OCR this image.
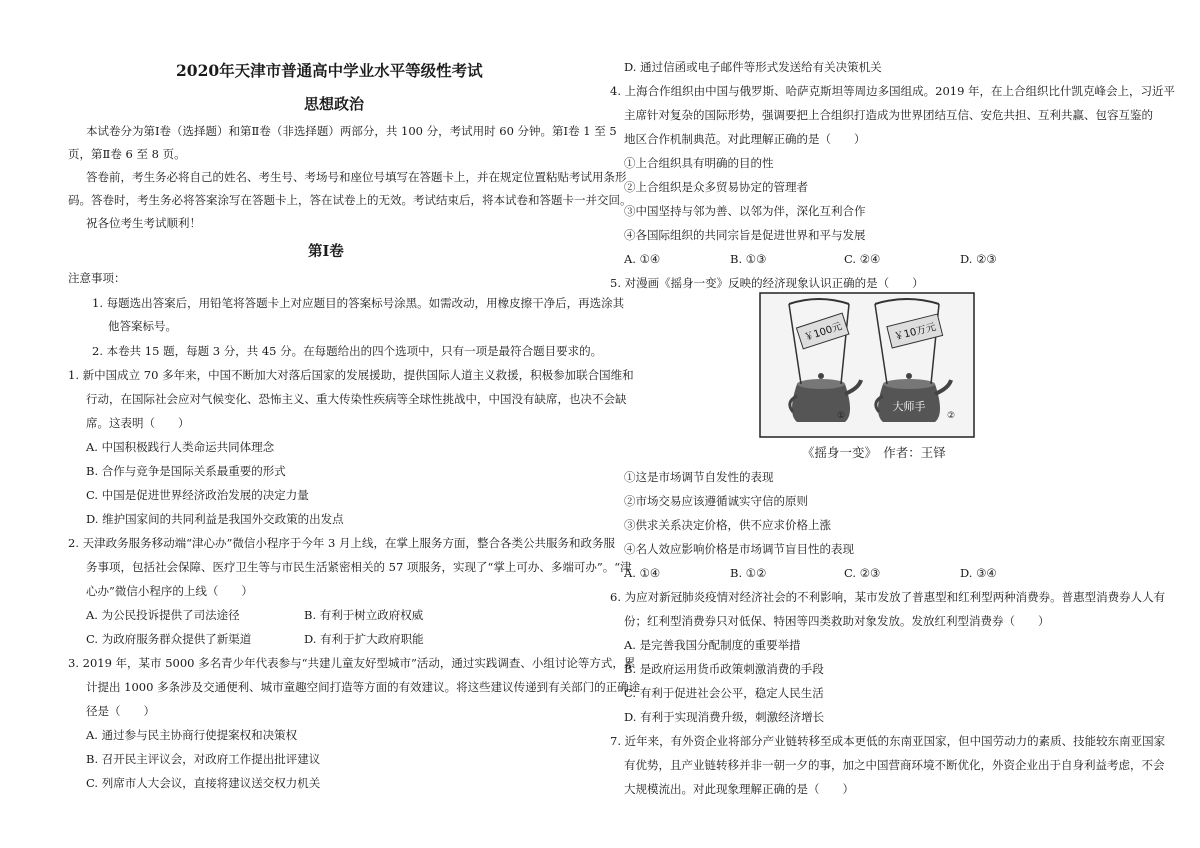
2020年天津市普通高中学业水平等级性考试
思想政治
本试卷分为第Ⅰ卷（选择题）和第Ⅱ卷（非选择题）两部分，共 100 分，考试用时 60 分钟。第Ⅰ卷 1 至 5
页，第Ⅱ卷 6 至 8 页。
答卷前，考生务必将自己的姓名、考生号、考场号和座位号填写在答题卡上，并在规定位置粘贴考试用条形
码。答卷时，考生务必将答案涂写在答题卡上，答在试卷上的无效。考试结束后，将本试卷和答题卡一并交回。
祝各位考生考试顺利！
第Ⅰ卷
注意事项：
1. 每题选出答案后，用铅笔将答题卡上对应题目的答案标号涂黑。如需改动，用橡皮擦干净后，再选涂其
他答案标号。
2. 本卷共 15 题，每题 3 分，共 45 分。在每题给出的四个选项中，只有一项是最符合题目要求的。
1. 新中国成立 70 多年来，中国不断加大对落后国家的发展援助，提供国际人道主义救援，积极参加联合国维和
行动，在国际社会应对气候变化、恐怖主义、重大传染性疾病等全球性挑战中，中国没有缺席，也决不会缺
席。这表明（　　）
A. 中国积极践行人类命运共同体理念
B. 合作与竞争是国际关系最重要的形式
C. 中国是促进世界经济政治发展的决定力量
D. 维护国家间的共同利益是我国外交政策的出发点
2. 天津政务服务移动端“津心办”微信小程序于今年 3 月上线，在掌上服务方面，整合各类公共服务和政务服
务事项，包括社会保障、医疗卫生等与市民生活紧密相关的 57 项服务，实现了“掌上可办、多端可办”。“津
心办”微信小程序的上线（　　）
A. 为公民投诉提供了司法途径	B. 有利于树立政府权威
C. 为政府服务群众提供了新渠道	D. 有利于扩大政府职能
3. 2019 年，某市 5000 多名青少年代表参与“共建儿童友好型城市”活动，通过实践调查、小组讨论等方式，累
计提出 1000 多条涉及交通便利、城市童趣空间打造等方面的有效建议。将这些建议传递到有关部门的正确途
径是（　　）
A. 通过参与民主协商行使提案权和决策权
B. 召开民主评议会，对政府工作提出批评建议
C. 列席市人大会议，直接将建议送交权力机关
D. 通过信函或电子邮件等形式发送给有关决策机关
4. 上海合作组织由中国与俄罗斯、哈萨克斯坦等周边多国组成。2019 年，在上合组织比什凯克峰会上，习近平
主席针对复杂的国际形势，强调要把上合组织打造成为世界团结互信、安危共担、互利共赢、包容互鉴的
地区合作机制典范。对此理解正确的是（　　）
①上合组织具有明确的目的性
②上合组织是众多贸易协定的管理者
③中国坚持与邻为善、以邻为伴，深化互利合作
④各国际组织的共同宗旨是促进世界和平与发展
A. ①④	B. ①③	C. ②④	D. ②③
5. 对漫画《摇身一变》反映的经济现象认识正确的是（　　）
￥100元
①
￥10万元
大师手
②
《摇身一变》　作者：王铎
①这是市场调节自发性的表现
②市场交易应该遵循诚实守信的原则
③供求关系决定价格，供不应求价格上涨
④名人效应影响价格是市场调节盲目性的表现
A. ①④	B. ①②	C. ②③	D. ③④
6. 为应对新冠肺炎疫情对经济社会的不利影响，某市发放了普惠型和红利型两种消费券。普惠型消费券人人有
份；红利型消费券只对低保、特困等四类救助对象发放。发放红利型消费券（　　）
A. 是完善我国分配制度的重要举措
B. 是政府运用货币政策刺激消费的手段
C. 有利于促进社会公平，稳定人民生活
D. 有利于实现消费升级，刺激经济增长
7. 近年来，有外资企业将部分产业链转移至成本更低的东南亚国家，但中国劳动力的素质、技能较东南亚国家
有优势，且产业链转移并非一朝一夕的事，加之中国营商环境不断优化，外资企业出于自身利益考虑，不会
大规模流出。对此现象理解正确的是（　　）
